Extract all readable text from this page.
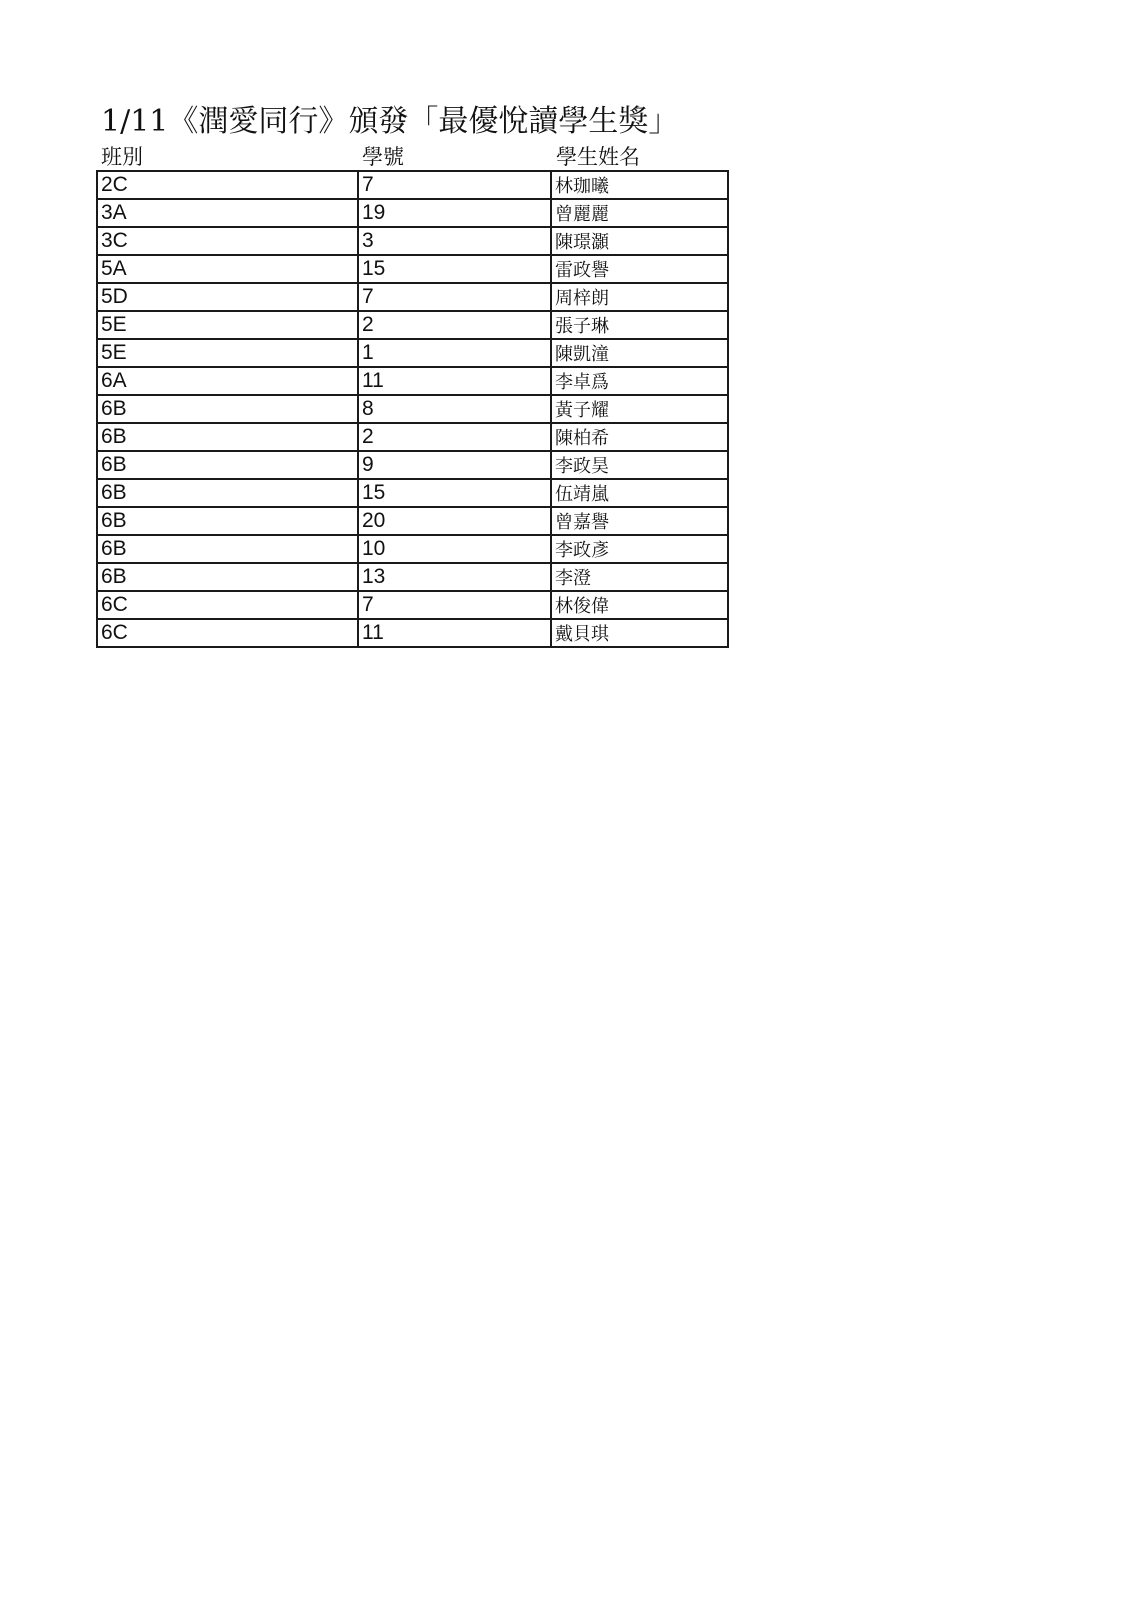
1/11《潤愛同行》頒發「最優悅讀學生獎」
班別	學號	學生姓名
2C	7	林珈曦
3A	19	曾麗麗
3C	3	陳璟灝
5A	15	雷政譽
5D	7	周梓朗
5E	2	張子琳
5E	1	陳凱潼
6A	11	李卓爲
6B	8	黃子耀
6B	2	陳柏希
6B	9	李政昊
6B	15	伍靖嵐
6B	20	曾嘉譽
6B	10	李政彥
6B	13	李澄
6C	7	林俊偉
6C	11	戴貝琪
